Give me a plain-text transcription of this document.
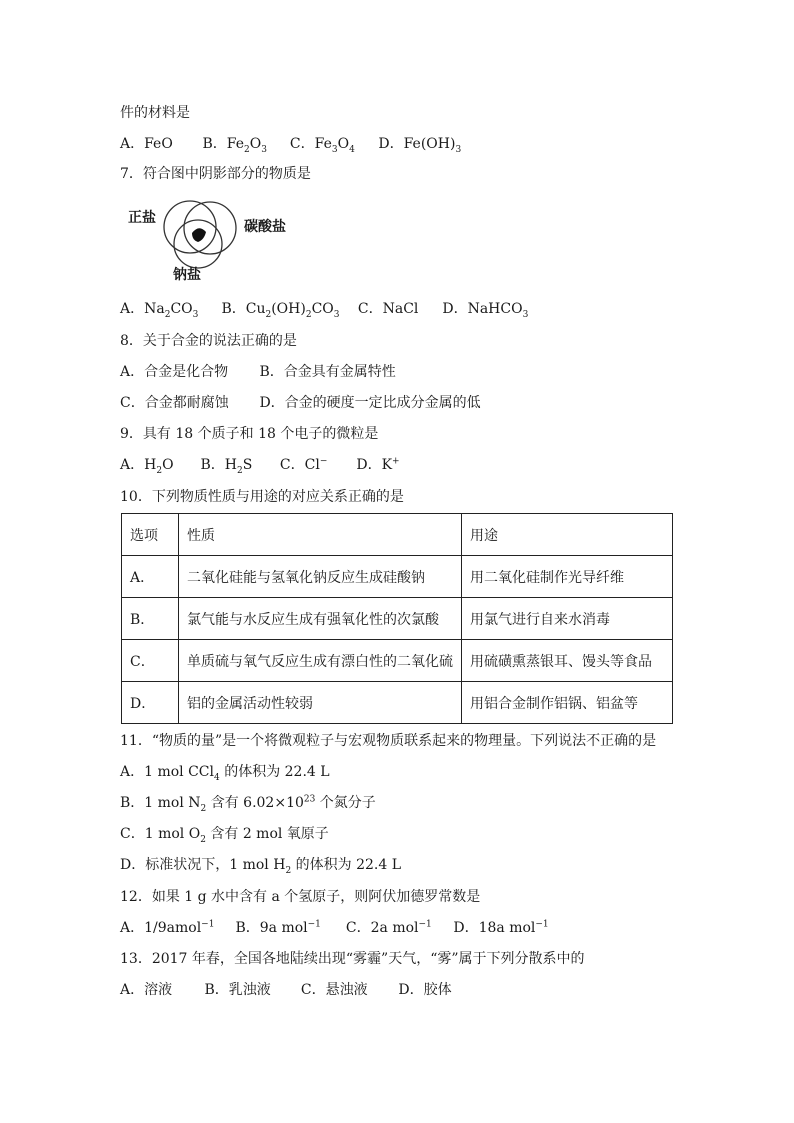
件的材料是
A．FeO B．$Fe_2O_3$ C．$Fe_3O_4$ D．$Fe(OH)_3$
7．符合图中阴影部分的物质是
正盐
碳酸盐
钠盐
A．$Na_2CO_3$ B．$Cu_2(OH)_2CO_3$ C．NaCl D．NaHCO$_3$
8．关于合金的说法正确的是
A．合金是化合物 B．合金具有金属特性
C．合金都耐腐蚀 D．合金的硬度一定比成分金属的低
9．具有 18 个质子和 18 个电子的微粒是
A．$H_2O$ B．$H_2S$ C．Cl− D．K+
10．下列物质性质与用途的对应关系正确的是
选项	性质	用途
A．	二氧化硅能与氢氧化钠反应生成硅酸钠	用二氧化硅制作光导纤维
B．	氯气能与水反应生成有强氧化性的次氯酸	用氯气进行自来水消毒
C．	单质硫与氧气反应生成有漂白性的二氧化硫	用硫磺熏蒸银耳、馒头等食品
D．	铝的金属活动性较弱	用铝合金制作铝锅、铝盆等
11．“物质的量”是一个将微观粒子与宏观物质联系起来的物理量。下列说法不正确的是
A．1 mol CCl$_4$ 的体积为 22.4 L
B．1 mol $N_2$ 含有 $6.02\times 10^{23}$ 个氮分子
C．1 mol $O_2$ 含有 2 mol 氧原子
D．标准状况下，1 mol $H_2$ 的体积为 22.4 L
12．如果 1 g 水中含有 a 个氢原子，则阿伏加德罗常数是
A．1/9amol$^{-1}$ B．9a mol$^{-1}$ C．2a mol$^{-1}$ D．18a mol$^{-1}$
13．2017 年春，全国各地陆续出现“雾霾”天气，“雾”属于下列分散系中的
A．溶液 B．乳浊液 C．悬浊液 D．胶体
